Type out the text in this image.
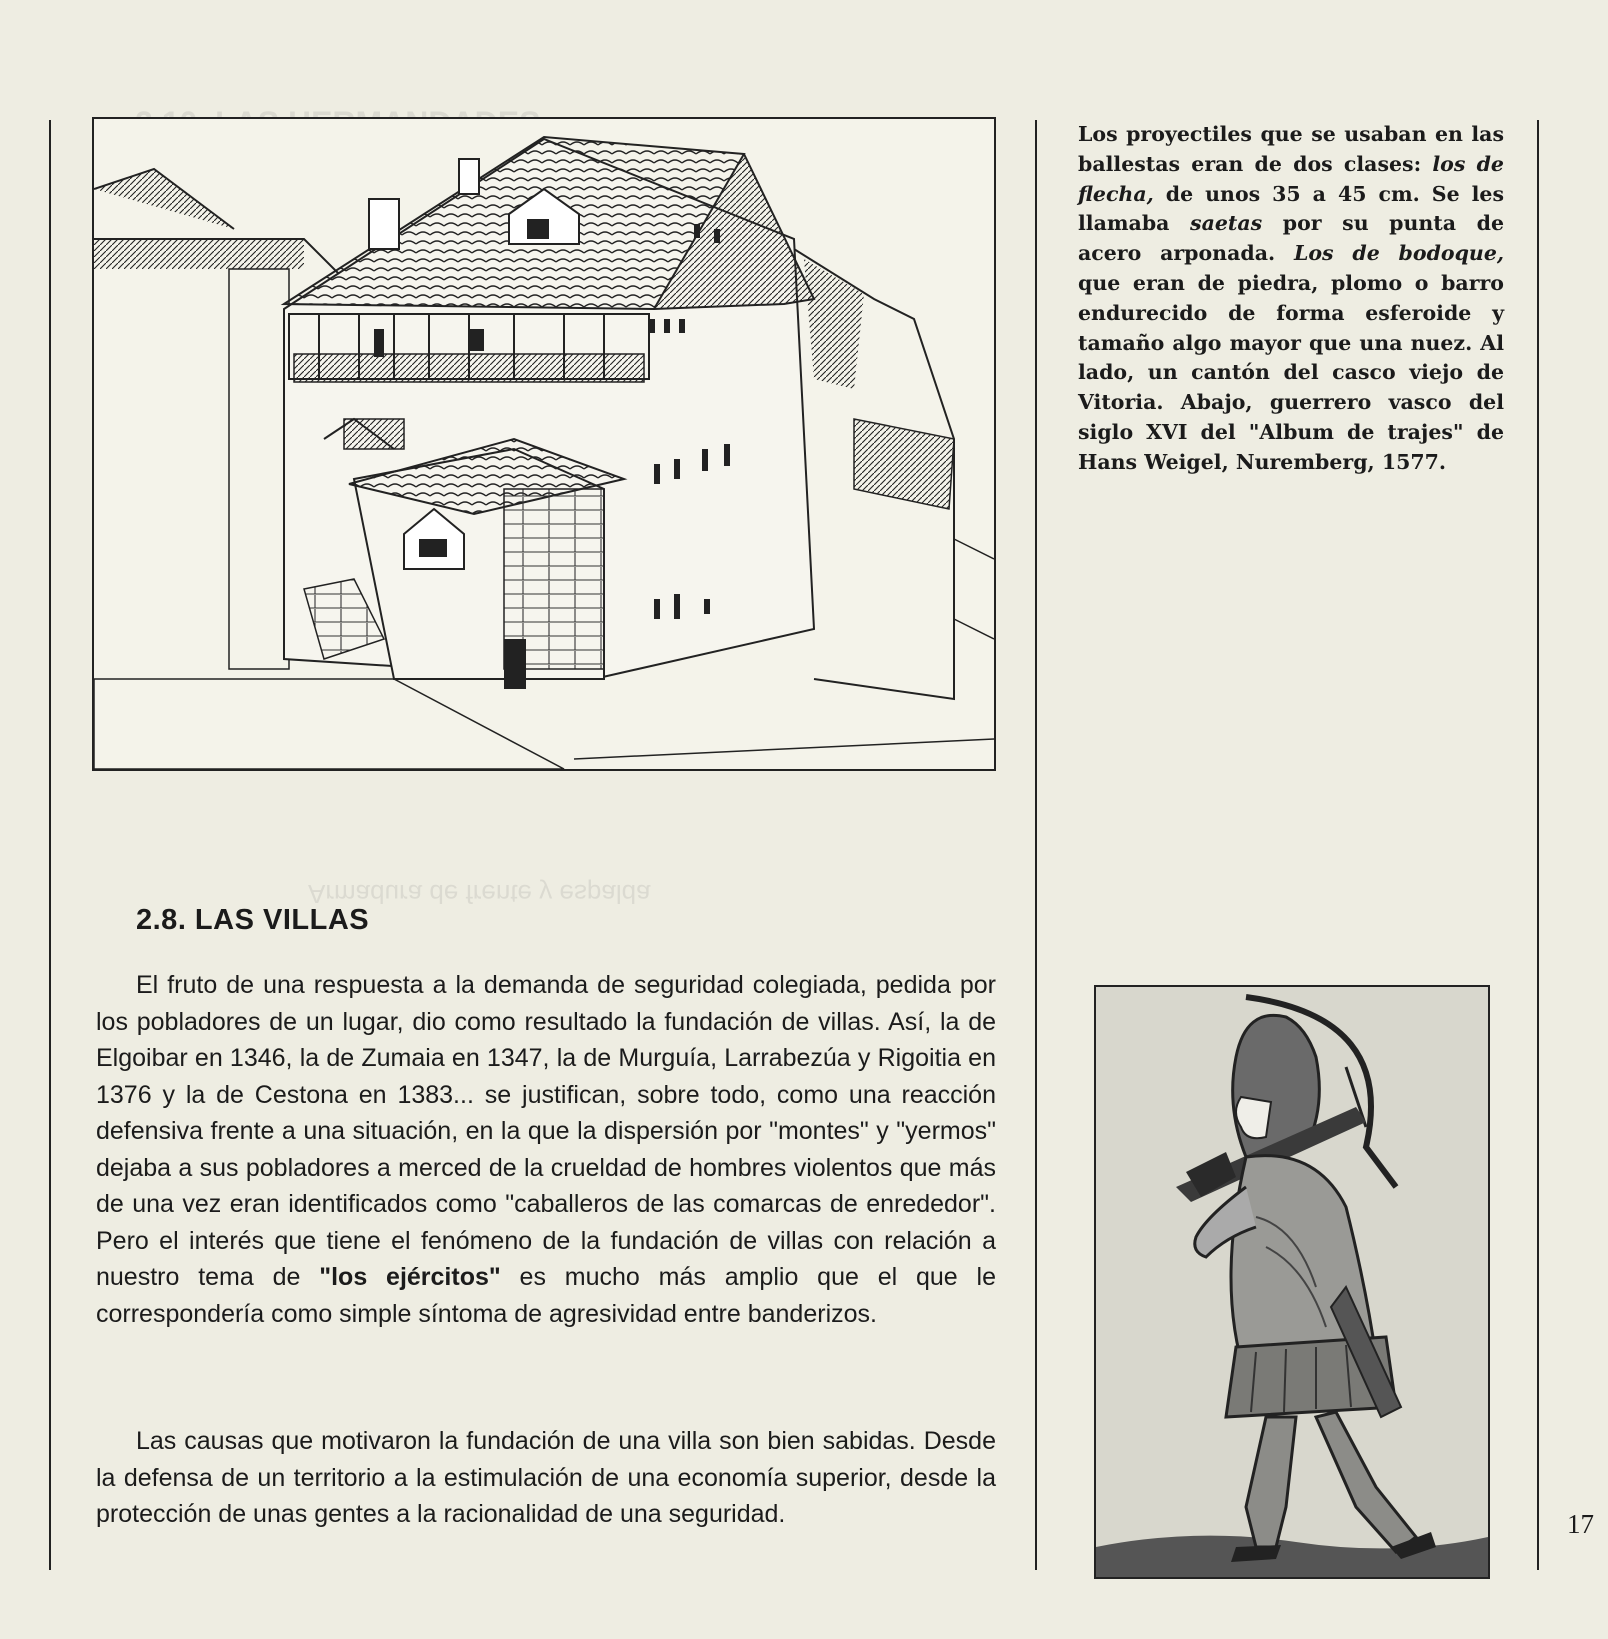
Armadura de frente y espalda
2.8. LAS VILLAS

El fruto de una respuesta a la demanda de seguridad colegiada, pedida por los pobladores de un lugar, dio como resultado la fundación de villas. Así, la de Elgoibar en 1346, la de Zumaia en 1347, la de Murguía, Larrabezúa y Rigoitia en 1376 y la de Cestona en 1383... se justifican, sobre todo, como una reacción defensiva frente a una situación, en la que la dispersión por "montes" y "yermos" dejaba a sus pobladores a merced de la crueldad de hombres violentos que más de una vez eran identificados como "caballeros de las comarcas de enrededor". Pero el interés que tiene el fenómeno de la fundación de villas con relación a nuestro tema de "los ejércitos" es mucho más amplio que el que le correspondería como simple síntoma de agresividad entre banderizos.

Las causas que motivaron la fundación de una villa son bien sabidas. Desde la defensa de un territorio a la estimulación de una economía superior, desde la protección de unas gentes a la racionalidad de una seguridad.

Los proyectiles que se usaban en las ballestas eran de dos clases: los de flecha, de unos 35 a 45 cm. Se les llamaba saetas por su punta de acero arponada. Los de bodoque, que eran de piedra, plomo o barro endurecido de forma esferoide y tamaño algo mayor que una nuez. Al lado, un cantón del casco viejo de Vitoria. Abajo, guerrero vasco del siglo XVI del "Album de trajes" de Hans Weigel, Nuremberg, 1577.

17
